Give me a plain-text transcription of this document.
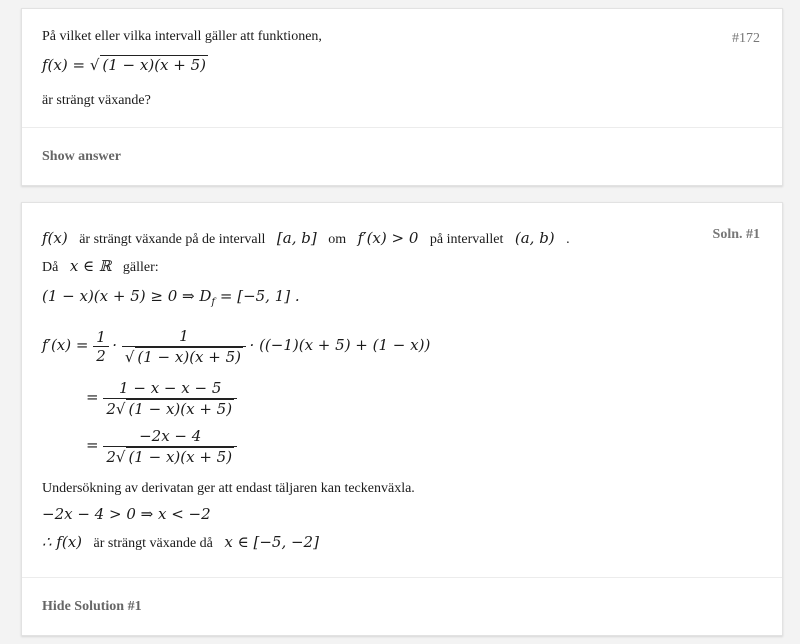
#172
På vilket eller vilka intervall gäller att funktionen,
f(x) = √ (1 − x)(x + 5)
är strängt växande?
Show answer
Soln. #1
f(x) är strängt växande på de intervall [a, b] om f′(x) > 0 på intervallet (a, b) .
Då x ∈ ℝ gäller:
(1 − x)(x + 5) ≥ 0 ⇒ $D_f = [-5$, 1] .
$f'(x) = \frac{1}{2} \cdot \frac{1}{√ (1 - x)(x + 5)} \cdot ((-1)(x + 5) + (1 - x))$
= $\frac{1 - x - x - 5}{2√ (1 - x)(x + 5)}$
= $\frac{-2x - 4}{2√ (1 - x)(x + 5)}$
Undersökning av derivatan ger att endast täljaren kan teckenväxla.
−2x − 4 > 0 ⇒ x < −2
∴ f(x) är strängt växande då x ∈ [−5, −2]
Hide Solution #1
